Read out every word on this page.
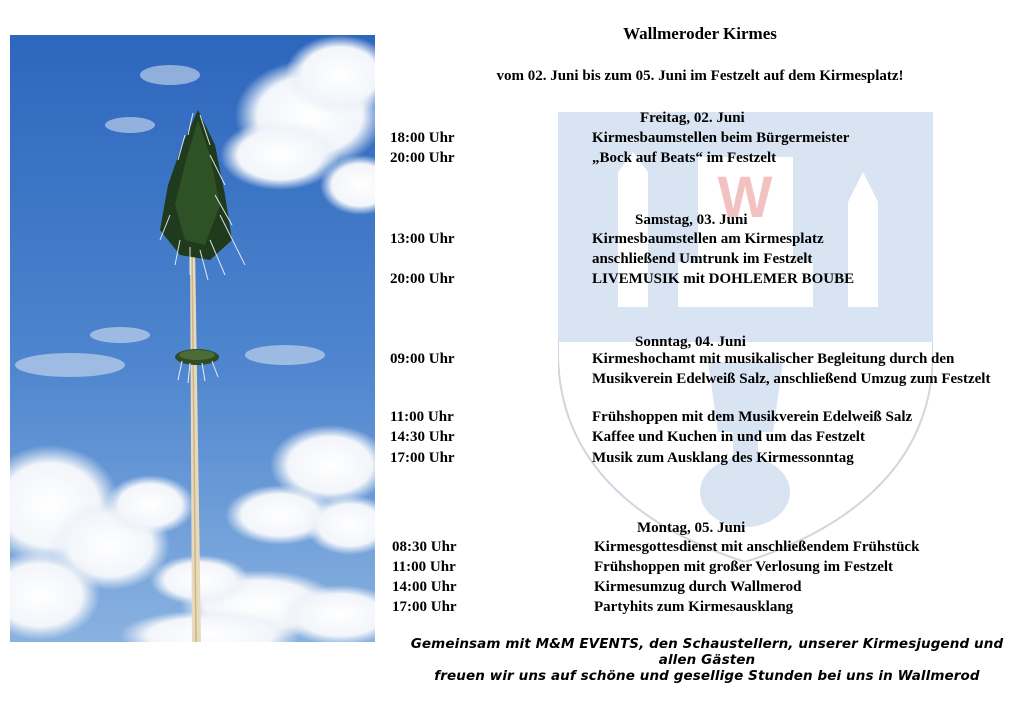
W
Wallmeroder Kirmes
vom 02. Juni bis zum 05. Juni im Festzelt auf dem Kirmesplatz!
Freitag, 02. Juni
18:00 Uhr	Kirmesbaumstellen beim Bürgermeister
20:00 Uhr	„Bock auf Beats“ im Festzelt
Samstag, 03. Juni
13:00 Uhr	Kirmesbaumstellen am Kirmesplatz anschließend Umtrunk im Festzelt
20:00 Uhr	LIVEMUSIK mit DOHLEMER BOUBE
Sonntag, 04. Juni
09:00 Uhr	Kirmeshochamt mit musikalischer Begleitung durch den Musikverein Edelweiß Salz, anschließend Umzug zum Festzelt
11:00 Uhr	Frühshoppen mit dem Musikverein Edelweiß Salz
14:30 Uhr	Kaffee und Kuchen in und um das Festzelt
17:00 Uhr	Musik zum Ausklang des Kirmessonntag
Montag, 05. Juni
08:30 Uhr	Kirmesgottesdienst mit anschließendem Frühstück
11:00 Uhr	Frühshoppen mit großer Verlosung im Festzelt
14:00 Uhr	Kirmesumzug durch Wallmerod
17:00 Uhr	Partyhits zum Kirmesausklang
Gemeinsam mit M&M EVENTS, den Schaustellern, unserer Kirmesjugend und allen Gästen
freuen wir uns auf schöne und gesellige Stunden bei uns in Wallmerod
